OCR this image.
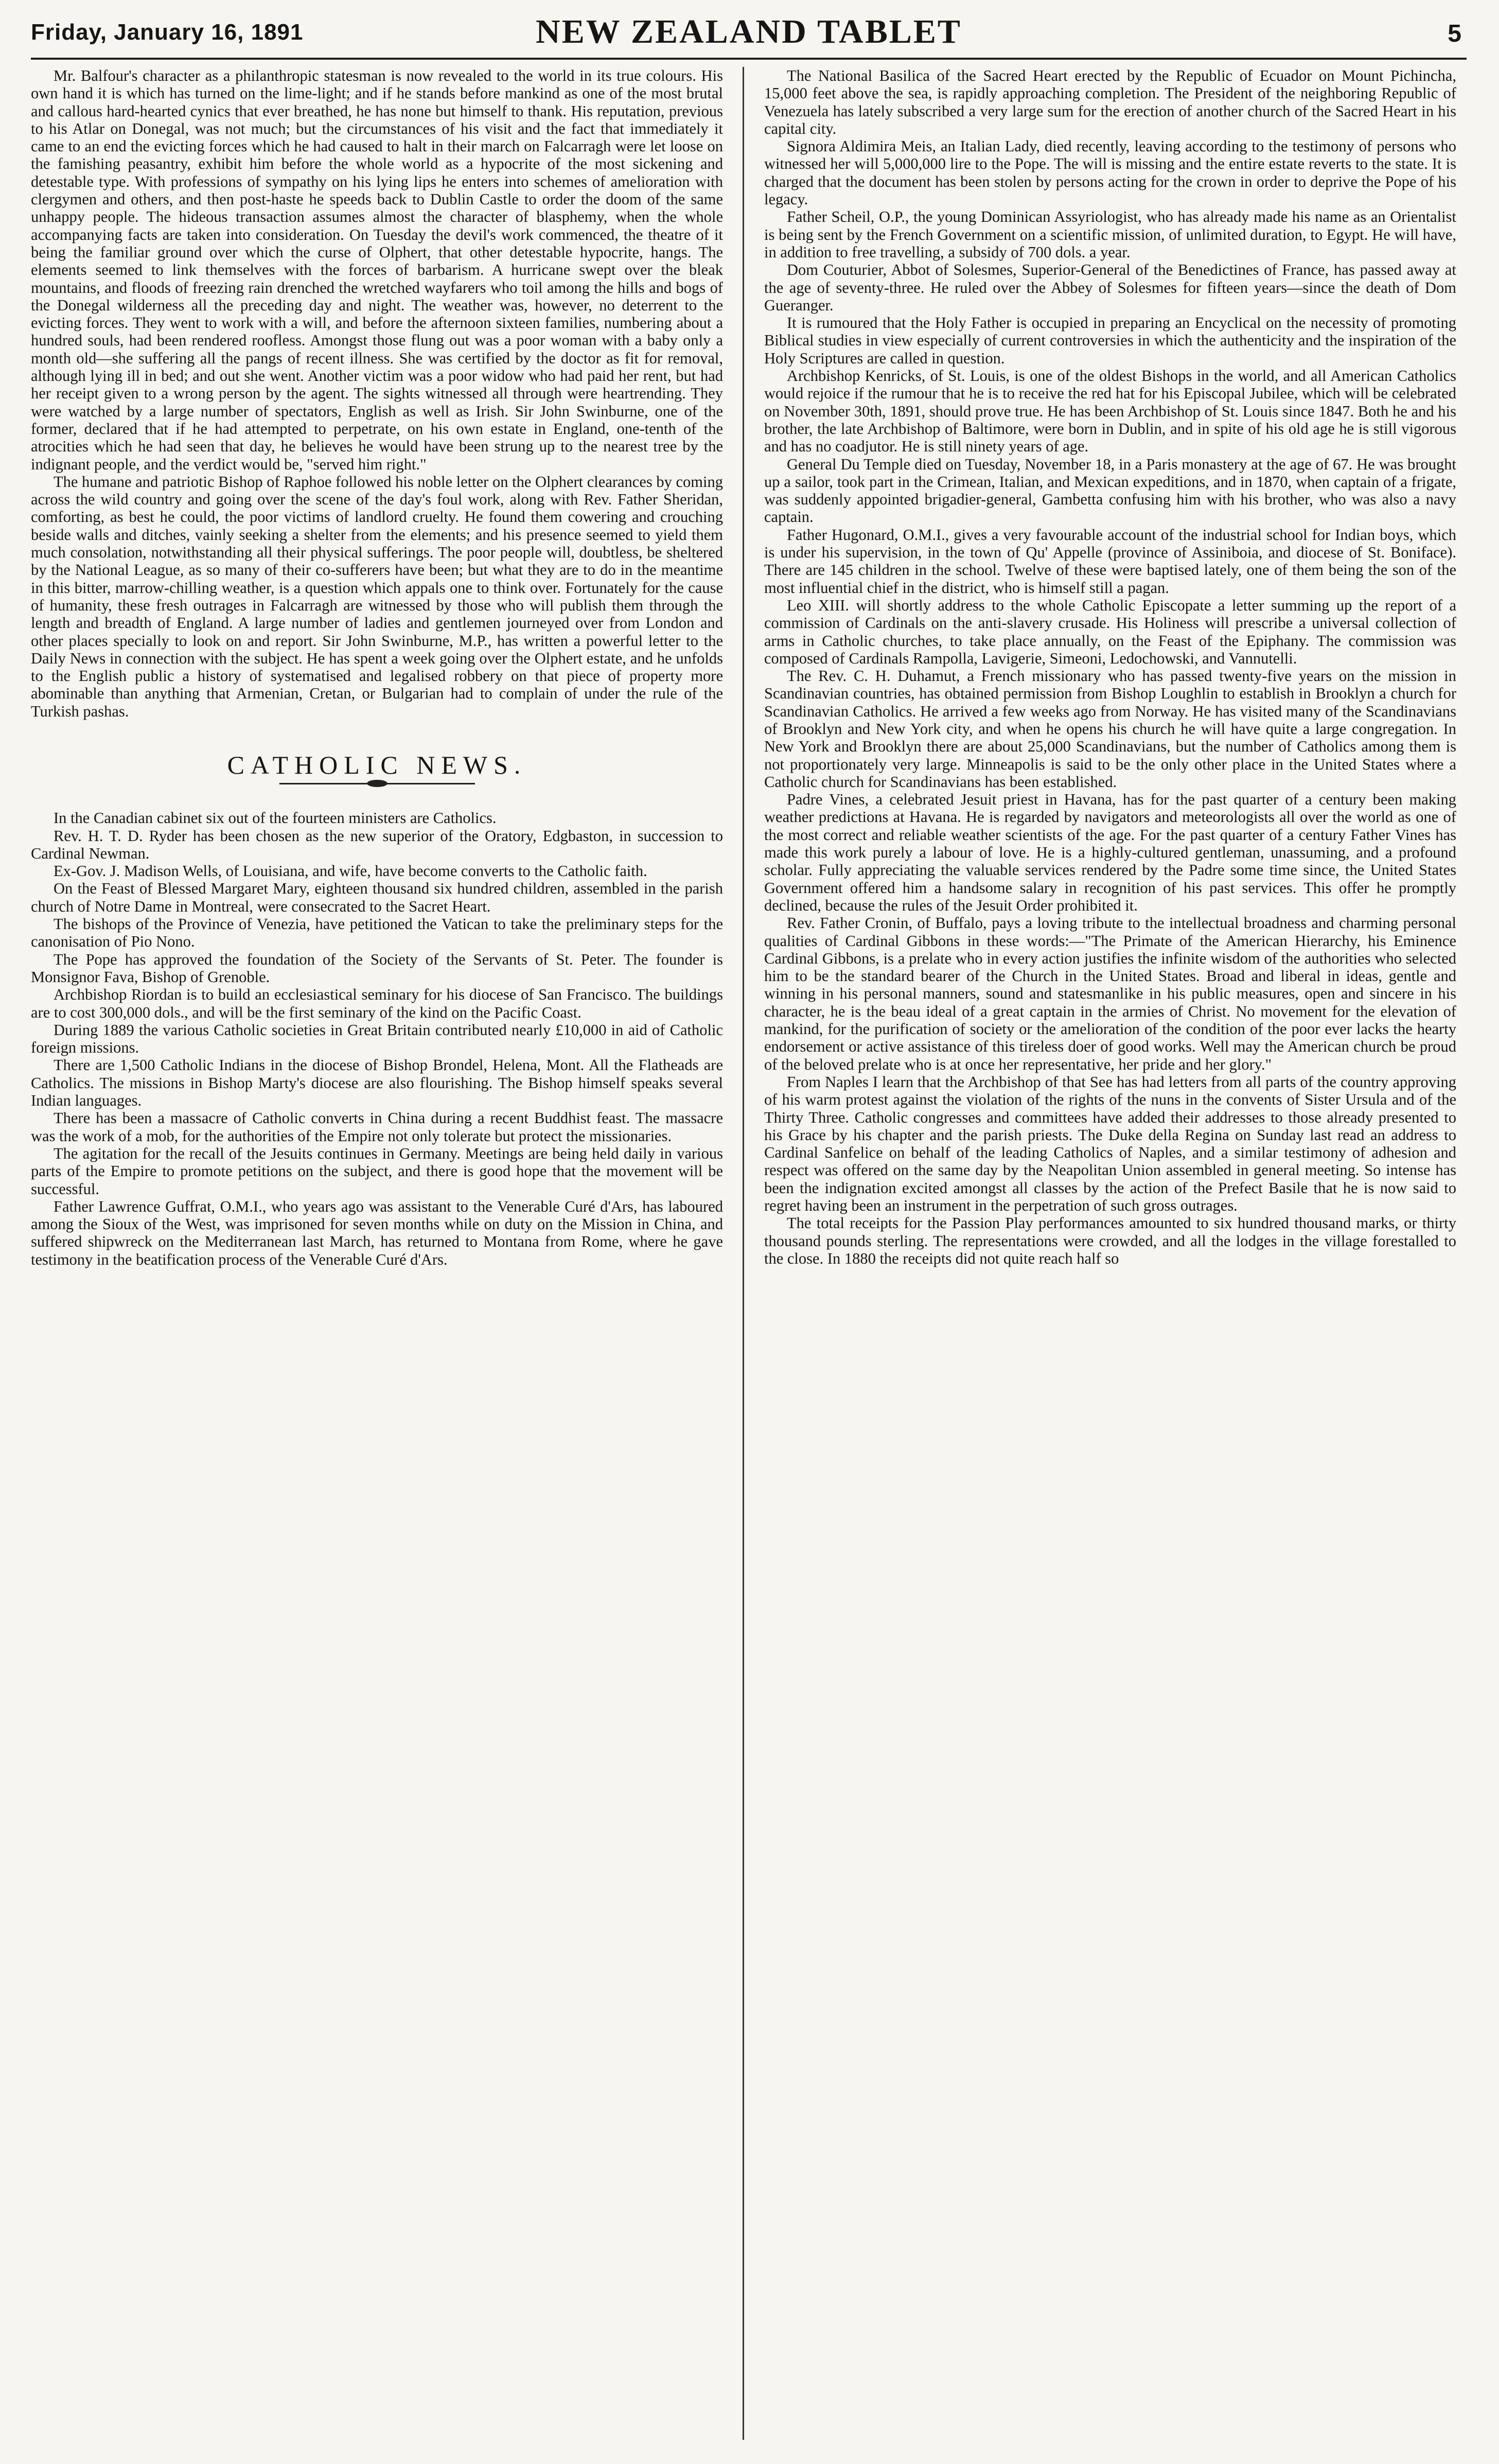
Friday, January 16, 1891	NEW ZEALAND TABLET	5

Mr. Balfour's character as a philanthropic statesman is now revealed to the world in its true colours. His own hand it is which has turned on the lime-light; and if he stands before mankind as one of the most brutal and callous hard-hearted cynics that ever breathed, he has none but himself to thank. His reputation, previous to his Atlar on Donegal, was not much; but the circumstances of his visit and the fact that immediately it came to an end the evicting forces which he had caused to halt in their march on Falcarragh were let loose on the famishing peasantry, exhibit him before the whole world as a hypocrite of the most sickening and detestable type. With professions of sympathy on his lying lips he enters into schemes of amelioration with clergymen and others, and then post-haste he speeds back to Dublin Castle to order the doom of the same unhappy people. The hideous transaction assumes almost the character of blasphemy, when the whole accompanying facts are taken into consideration. On Tuesday the devil's work commenced, the theatre of it being the familiar ground over which the curse of Olphert, that other detestable hypocrite, hangs. The elements seemed to link themselves with the forces of barbarism. A hurricane swept over the bleak mountains, and floods of freezing rain drenched the wretched wayfarers who toil among the hills and bogs of the Donegal wilderness all the preceding day and night. The weather was, however, no deterrent to the evicting forces. They went to work with a will, and before the afternoon sixteen families, numbering about a hundred souls, had been rendered roofless. Amongst those flung out was a poor woman with a baby only a month old—she suffering all the pangs of recent illness. She was certified by the doctor as fit for removal, although lying ill in bed; and out she went. Another victim was a poor widow who had paid her rent, but had her receipt given to a wrong person by the agent. The sights witnessed all through were heartrending. They were watched by a large number of spectators, English as well as Irish. Sir John Swinburne, one of the former, declared that if he had attempted to perpetrate, on his own estate in England, one-tenth of the atrocities which he had seen that day, he believes he would have been strung up to the nearest tree by the indignant people, and the verdict would be, "served him right."

The humane and patriotic Bishop of Raphoe followed his noble letter on the Olphert clearances by coming across the wild country and going over the scene of the day's foul work, along with Rev. Father Sheridan, comforting, as best he could, the poor victims of landlord cruelty. He found them cowering and crouching beside walls and ditches, vainly seeking a shelter from the elements; and his presence seemed to yield them much consolation, notwithstanding all their physical sufferings. The poor people will, doubtless, be sheltered by the National League, as so many of their co-sufferers have been; but what they are to do in the meantime in this bitter, marrow-chilling weather, is a question which appals one to think over. Fortunately for the cause of humanity, these fresh outrages in Falcarragh are witnessed by those who will publish them through the length and breadth of England. A large number of ladies and gentlemen journeyed over from London and other places specially to look on and report. Sir John Swinburne, M.P., has written a powerful letter to the Daily News in connection with the subject. He has spent a week going over the Olphert estate, and he unfolds to the English public a history of systematised and legalised robbery on that piece of property more abominable than anything that Armenian, Cretan, or Bulgarian had to complain of under the rule of the Turkish pashas.

CATHOLIC NEWS.

In the Canadian cabinet six out of the fourteen ministers are Catholics.

Rev. H. T. D. Ryder has been chosen as the new superior of the Oratory, Edgbaston, in succession to Cardinal Newman.

Ex-Gov. J. Madison Wells, of Louisiana, and wife, have become converts to the Catholic faith.

On the Feast of Blessed Margaret Mary, eighteen thousand six hundred children, assembled in the parish church of Notre Dame in Montreal, were consecrated to the Sacret Heart.

The bishops of the Province of Venezia, have petitioned the Vatican to take the preliminary steps for the canonisation of Pio Nono.

The Pope has approved the foundation of the Society of the Servants of St. Peter. The founder is Monsignor Fava, Bishop of Grenoble.

Archbishop Riordan is to build an ecclesiastical seminary for his diocese of San Francisco. The buildings are to cost 300,000 dols., and will be the first seminary of the kind on the Pacific Coast.

During 1889 the various Catholic societies in Great Britain contributed nearly £10,000 in aid of Catholic foreign missions.

There are 1,500 Catholic Indians in the diocese of Bishop Brondel, Helena, Mont. All the Flatheads are Catholics. The missions in Bishop Marty's diocese are also flourishing. The Bishop himself speaks several Indian languages.

There has been a massacre of Catholic converts in China during a recent Buddhist feast. The massacre was the work of a mob, for the authorities of the Empire not only tolerate but protect the missionaries.

The agitation for the recall of the Jesuits continues in Germany. Meetings are being held daily in various parts of the Empire to promote petitions on the subject, and there is good hope that the movement will be successful.

Father Lawrence Guffrat, O.M.I., who years ago was assistant to the Venerable Curé d'Ars, has laboured among the Sioux of the West, was imprisoned for seven months while on duty on the Mission in China, and suffered shipwreck on the Mediterranean last March, has returned to Montana from Rome, where he gave testimony in the beatification process of the Venerable Curé d'Ars.

The National Basilica of the Sacred Heart erected by the Republic of Ecuador on Mount Pichincha, 15,000 feet above the sea, is rapidly approaching completion. The President of the neighboring Republic of Venezuela has lately subscribed a very large sum for the erection of another church of the Sacred Heart in his capital city.

Signora Aldimira Meis, an Italian Lady, died recently, leaving according to the testimony of persons who witnessed her will 5,000,000 lire to the Pope. The will is missing and the entire estate reverts to the state. It is charged that the document has been stolen by persons acting for the crown in order to deprive the Pope of his legacy.

Father Scheil, O.P., the young Dominican Assyriologist, who has already made his name as an Orientalist is being sent by the French Government on a scientific mission, of unlimited duration, to Egypt. He will have, in addition to free travelling, a subsidy of 700 dols. a year.

Dom Couturier, Abbot of Solesmes, Superior-General of the Benedictines of France, has passed away at the age of seventy-three. He ruled over the Abbey of Solesmes for fifteen years—since the death of Dom Gueranger.

It is rumoured that the Holy Father is occupied in preparing an Encyclical on the necessity of promoting Biblical studies in view especially of current controversies in which the authenticity and the inspiration of the Holy Scriptures are called in question.

Archbishop Kenricks, of St. Louis, is one of the oldest Bishops in the world, and all American Catholics would rejoice if the rumour that he is to receive the red hat for his Episcopal Jubilee, which will be celebrated on November 30th, 1891, should prove true. He has been Archbishop of St. Louis since 1847. Both he and his brother, the late Archbishop of Baltimore, were born in Dublin, and in spite of his old age he is still vigorous and has no coadjutor. He is still ninety years of age.

General Du Temple died on Tuesday, November 18, in a Paris monastery at the age of 67. He was brought up a sailor, took part in the Crimean, Italian, and Mexican expeditions, and in 1870, when captain of a frigate, was suddenly appointed brigadier-general, Gambetta confusing him with his brother, who was also a navy captain.

Father Hugonard, O.M.I., gives a very favourable account of the industrial school for Indian boys, which is under his supervision, in the town of Qu' Appelle (province of Assiniboia, and diocese of St. Boniface). There are 145 children in the school. Twelve of these were baptised lately, one of them being the son of the most influential chief in the district, who is himself still a pagan.

Leo XIII. will shortly address to the whole Catholic Episcopate a letter summing up the report of a commission of Cardinals on the anti-slavery crusade. His Holiness will prescribe a universal collection of arms in Catholic churches, to take place annually, on the Feast of the Epiphany. The commission was composed of Cardinals Rampolla, Lavigerie, Simeoni, Ledochowski, and Vannutelli.

The Rev. C. H. Duhamut, a French missionary who has passed twenty-five years on the mission in Scandinavian countries, has obtained permission from Bishop Loughlin to establish in Brooklyn a church for Scandinavian Catholics. He arrived a few weeks ago from Norway. He has visited many of the Scandinavians of Brooklyn and New York city, and when he opens his church he will have quite a large congregation. In New York and Brooklyn there are about 25,000 Scandinavians, but the number of Catholics among them is not proportionately very large. Minneapolis is said to be the only other place in the United States where a Catholic church for Scandinavians has been established.

Padre Vines, a celebrated Jesuit priest in Havana, has for the past quarter of a century been making weather predictions at Havana. He is regarded by navigators and meteorologists all over the world as one of the most correct and reliable weather scientists of the age. For the past quarter of a century Father Vines has made this work purely a labour of love. He is a highly-cultured gentleman, unassuming, and a profound scholar. Fully appreciating the valuable services rendered by the Padre some time since, the United States Government offered him a handsome salary in recognition of his past services. This offer he promptly declined, because the rules of the Jesuit Order prohibited it.

Rev. Father Cronin, of Buffalo, pays a loving tribute to the intellectual broadness and charming personal qualities of Cardinal Gibbons in these words:—"The Primate of the American Hierarchy, his Eminence Cardinal Gibbons, is a prelate who in every action justifies the infinite wisdom of the authorities who selected him to be the standard bearer of the Church in the United States. Broad and liberal in ideas, gentle and winning in his personal manners, sound and statesmanlike in his public measures, open and sincere in his character, he is the beau ideal of a great captain in the armies of Christ. No movement for the elevation of mankind, for the purification of society or the amelioration of the condition of the poor ever lacks the hearty endorsement or active assistance of this tireless doer of good works. Well may the American church be proud of the beloved prelate who is at once her representative, her pride and her glory."

From Naples I learn that the Archbishop of that See has had letters from all parts of the country approving of his warm protest against the violation of the rights of the nuns in the convents of Sister Ursula and of the Thirty Three. Catholic congresses and committees have added their addresses to those already presented to his Grace by his chapter and the parish priests. The Duke della Regina on Sunday last read an address to Cardinal Sanfelice on behalf of the leading Catholics of Naples, and a similar testimony of adhesion and respect was offered on the same day by the Neapolitan Union assembled in general meeting. So intense has been the indignation excited amongst all classes by the action of the Prefect Basile that he is now said to regret having been an instrument in the perpetration of such gross outrages.

The total receipts for the Passion Play performances amounted to six hundred thousand marks, or thirty thousand pounds sterling. The representations were crowded, and all the lodges in the village forestalled to the close. In 1880 the receipts did not quite reach half so
